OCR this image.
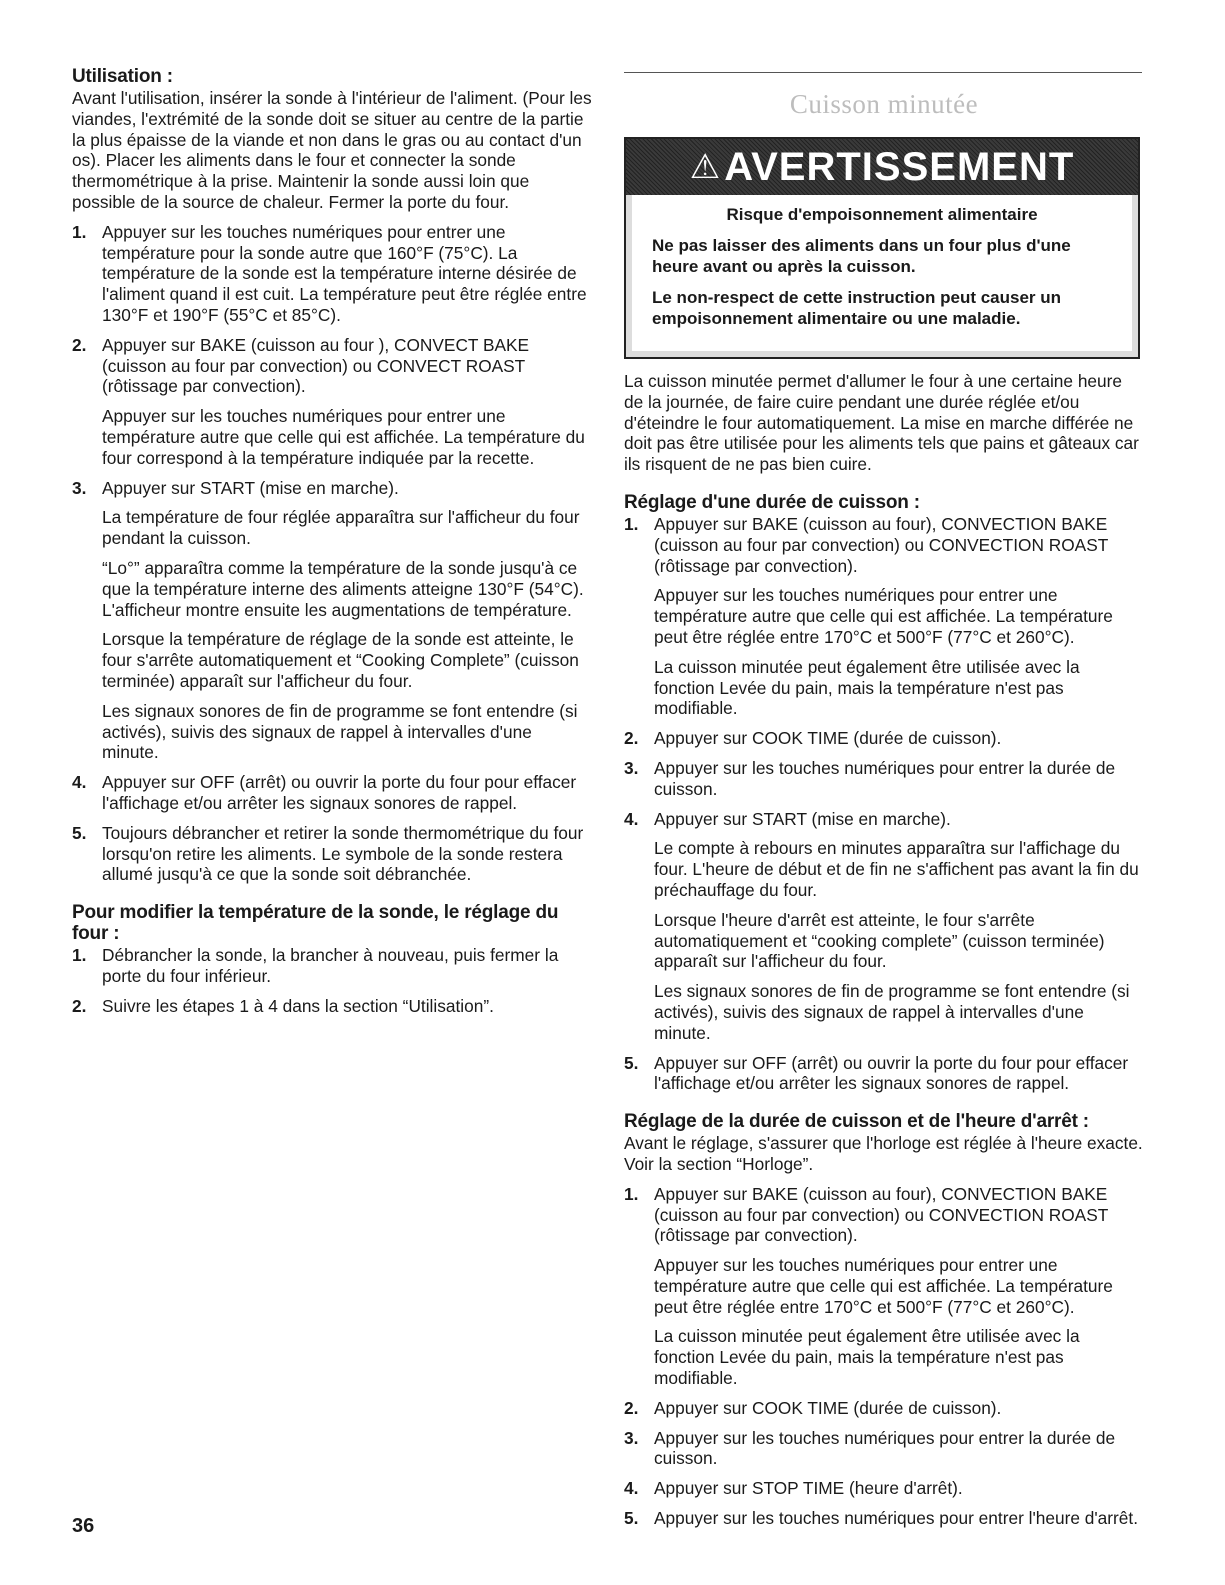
Utilisation :

Avant l'utilisation, insérer la sonde à l'intérieur de l'aliment. (Pour les viandes, l'extrémité de la sonde doit se situer au centre de la partie la plus épaisse de la viande et non dans le gras ou au contact d'un os). Placer les aliments dans le four et connecter la sonde thermométrique à la prise. Maintenir la sonde aussi loin que possible de la source de chaleur. Fermer la porte du four.

1. Appuyer sur les touches numériques pour entrer une température pour la sonde autre que 160°F (75°C). La température de la sonde est la température interne désirée de l'aliment quand il est cuit. La température peut être réglée entre 130°F et 190°F (55°C et 85°C).

2. Appuyer sur BAKE (cuisson au four ), CONVECT BAKE (cuisson au four par convection) ou CONVECT ROAST (rôtissage par convection).

Appuyer sur les touches numériques pour entrer une température autre que celle qui est affichée. La température du four correspond à la température indiquée par la recette.

3. Appuyer sur START (mise en marche).

La température de four réglée apparaîtra sur l'afficheur du four pendant la cuisson.

“Lo°” apparaîtra comme la température de la sonde jusqu'à ce que la température interne des aliments atteigne 130°F (54°C). L'afficheur montre ensuite les augmentations de température.

Lorsque la température de réglage de la sonde est atteinte, le four s'arrête automatiquement et “Cooking Complete” (cuisson terminée) apparaît sur l'afficheur du four.

Les signaux sonores de fin de programme se font entendre (si activés), suivis des signaux de rappel à intervalles d'une minute.

4. Appuyer sur OFF (arrêt) ou ouvrir la porte du four pour effacer l'affichage et/ou arrêter les signaux sonores de rappel.

5. Toujours débrancher et retirer la sonde thermométrique du four lorsqu'on retire les aliments. Le symbole de la sonde restera allumé jusqu'à ce que la sonde soit débranchée.

Pour modifier la température de la sonde, le réglage du four :
1. Débrancher la sonde, la brancher à nouveau, puis fermer la porte du four inférieur.

2. Suivre les étapes 1 à 4 dans la section “Utilisation”.

Cuisson minutée
⚠ AVERTISSEMENT
Risque d'empoisonnement alimentaire
Ne pas laisser des aliments dans un four plus d'une heure avant ou après la cuisson.
Le non-respect de cette instruction peut causer un empoisonnement alimentaire ou une maladie.

La cuisson minutée permet d'allumer le four à une certaine heure de la journée, de faire cuire pendant une durée réglée et/ou d'éteindre le four automatiquement. La mise en marche différée ne doit pas être utilisée pour les aliments tels que pains et gâteaux car ils risquent de ne pas bien cuire.

Réglage d'une durée de cuisson :
1. Appuyer sur BAKE (cuisson au four), CONVECTION BAKE (cuisson au four par convection) ou CONVECTION ROAST (rôtissage par convection).

Appuyer sur les touches numériques pour entrer une température autre que celle qui est affichée. La température peut être réglée entre 170°C et 500°F (77°C et 260°C).

La cuisson minutée peut également être utilisée avec la fonction Levée du pain, mais la température n'est pas modifiable.

2. Appuyer sur COOK TIME (durée de cuisson).

3. Appuyer sur les touches numériques pour entrer la durée de cuisson.

4. Appuyer sur START (mise en marche).

Le compte à rebours en minutes apparaîtra sur l'affichage du four. L'heure de début et de fin ne s'affichent pas avant la fin du préchauffage du four.

Lorsque l'heure d'arrêt est atteinte, le four s'arrête automatiquement et “cooking complete” (cuisson terminée) apparaît sur l'afficheur du four.

Les signaux sonores de fin de programme se font entendre (si activés), suivis des signaux de rappel à intervalles d'une minute.

5. Appuyer sur OFF (arrêt) ou ouvrir la porte du four pour effacer l'affichage et/ou arrêter les signaux sonores de rappel.

Réglage de la durée de cuisson et de l'heure d'arrêt :

Avant le réglage, s'assurer que l'horloge est réglée à l'heure exacte. Voir la section “Horloge”.

1. Appuyer sur BAKE (cuisson au four), CONVECTION BAKE (cuisson au four par convection) ou CONVECTION ROAST (rôtissage par convection).

Appuyer sur les touches numériques pour entrer une température autre que celle qui est affichée. La température peut être réglée entre 170°C et 500°F (77°C et 260°C).

La cuisson minutée peut également être utilisée avec la fonction Levée du pain, mais la température n'est pas modifiable.

2. Appuyer sur COOK TIME (durée de cuisson).

3. Appuyer sur les touches numériques pour entrer la durée de cuisson.

4. Appuyer sur STOP TIME (heure d'arrêt).

5. Appuyer sur les touches numériques pour entrer l'heure d'arrêt.

36
